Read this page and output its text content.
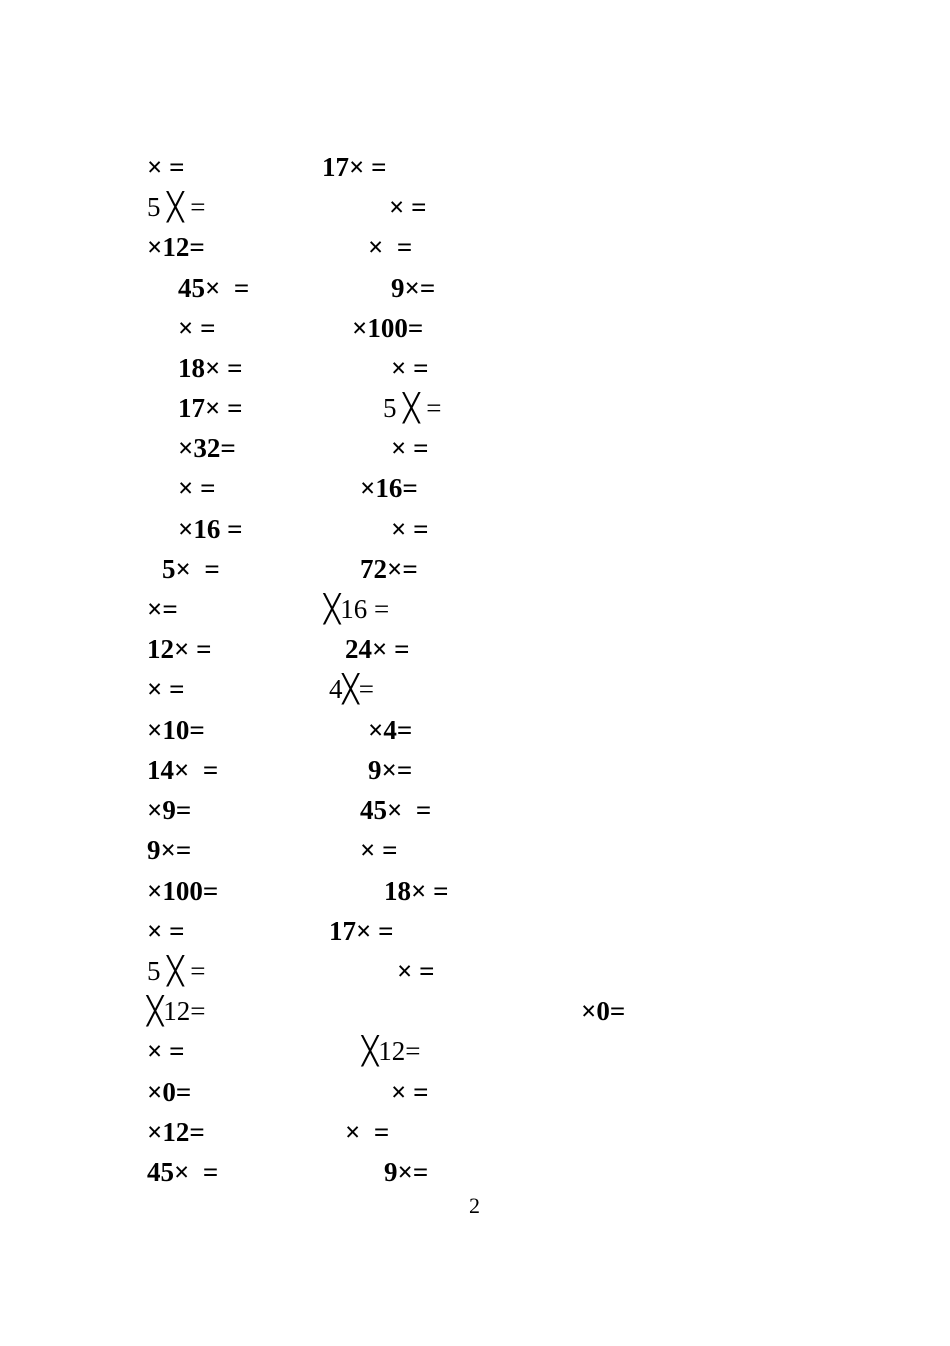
× =	17× =
5 ╳ =	× =
×12=	×  =
45×  =	9×=
× =	×100=
18× =	× =
17× =	5 ╳ =
×32=	× =
× =	×16=
×16 =	× =
5×  =	72×=
×=	╳16 =
12× =	24× =
× =	4╳=
×10=	×4=
14×  =	9×=
×9=	45×  =
9×=	× =
×100=	18× =
× =	17× =
5 ╳ =	× =
╳12=	×0=
× =	╳12=
×0=	× =
×12=	×  =
45×  =	9×=
2
